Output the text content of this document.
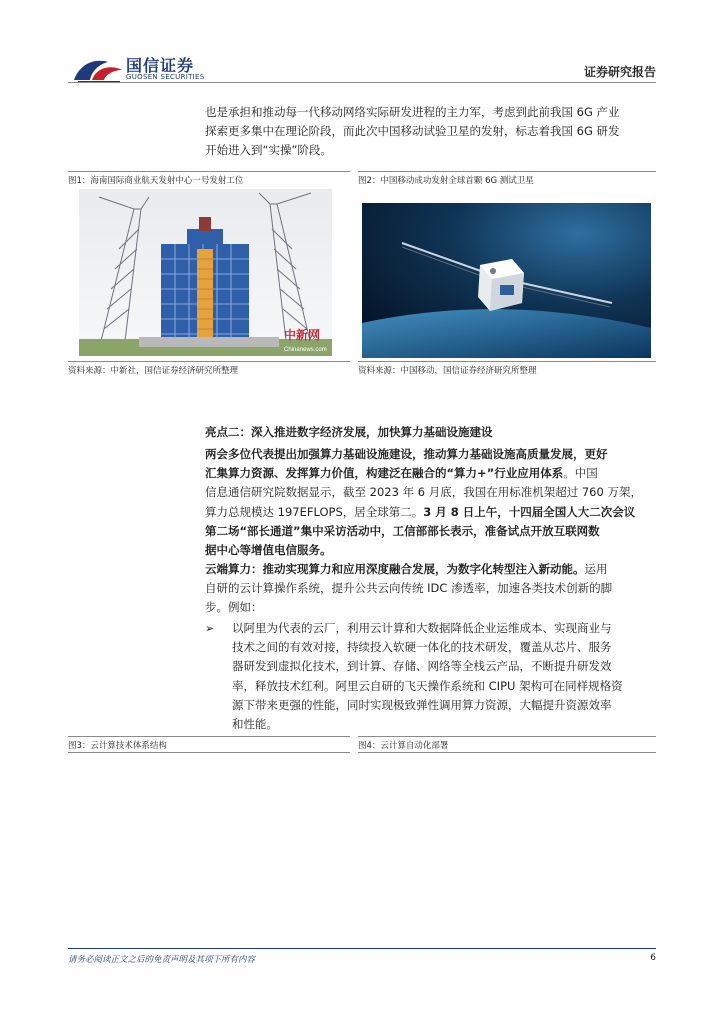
国信证券
GUOSEN SECURITIES	证券研究报告
也是承担和推动每一代移动网络实际研发进程的主力军，考虑到此前我国 6G 产业
探索更多集中在理论阶段，而此次中国移动试验卫星的发射，标志着我国 6G 研发
开始进入到“实操”阶段。
图1：海南国际商业航天发射中心一号发射工位	图2：中国移动成功发射全球首颗 6G 测试卫星
中新网
Chinanews.com
资料来源：中新社，国信证券经济研究所整理	资料来源：中国移动，国信证券经济研究所整理
亮点二：深入推进数字经济发展，加快算力基础设施建设
两会多位代表提出加强算力基础设施建设，推动算力基础设施高质量发展，更好
汇集算力资源、发挥算力价值，构建泛在融合的“算力+”行业应用体系。中国
信息通信研究院数据显示，截至 2023 年 6 月底，我国在用标准机架超过 760 万架，
算力总规模达 197EFLOPS，居全球第二。3 月 8 日上午，十四届全国人大二次会议
第二场“部长通道”集中采访活动中，工信部部长表示，准备试点开放互联网数
据中心等增值电信服务。
云端算力：推动实现算力和应用深度融合发展，为数字化转型注入新动能。运用
自研的云计算操作系统，提升公共云向传统 IDC 渗透率，加速各类技术创新的脚
步。例如：
➢ 以阿里为代表的云厂，利用云计算和大数据降低企业运维成本、实现商业与
技术之间的有效对接，持续投入软硬一体化的技术研发，覆盖从芯片、服务
器研发到虚拟化技术，到计算、存储、网络等全栈云产品，不断提升研发效
率，释放技术红利。阿里云自研的飞天操作系统和 CIPU 架构可在同样规格资
源下带来更强的性能，同时实现极致弹性调用算力资源，大幅提升资源效率
和性能。
图3：云计算技术体系结构	图4：云计算自动化部署
请务必阅读正文之后的免责声明及其项下所有内容	6
